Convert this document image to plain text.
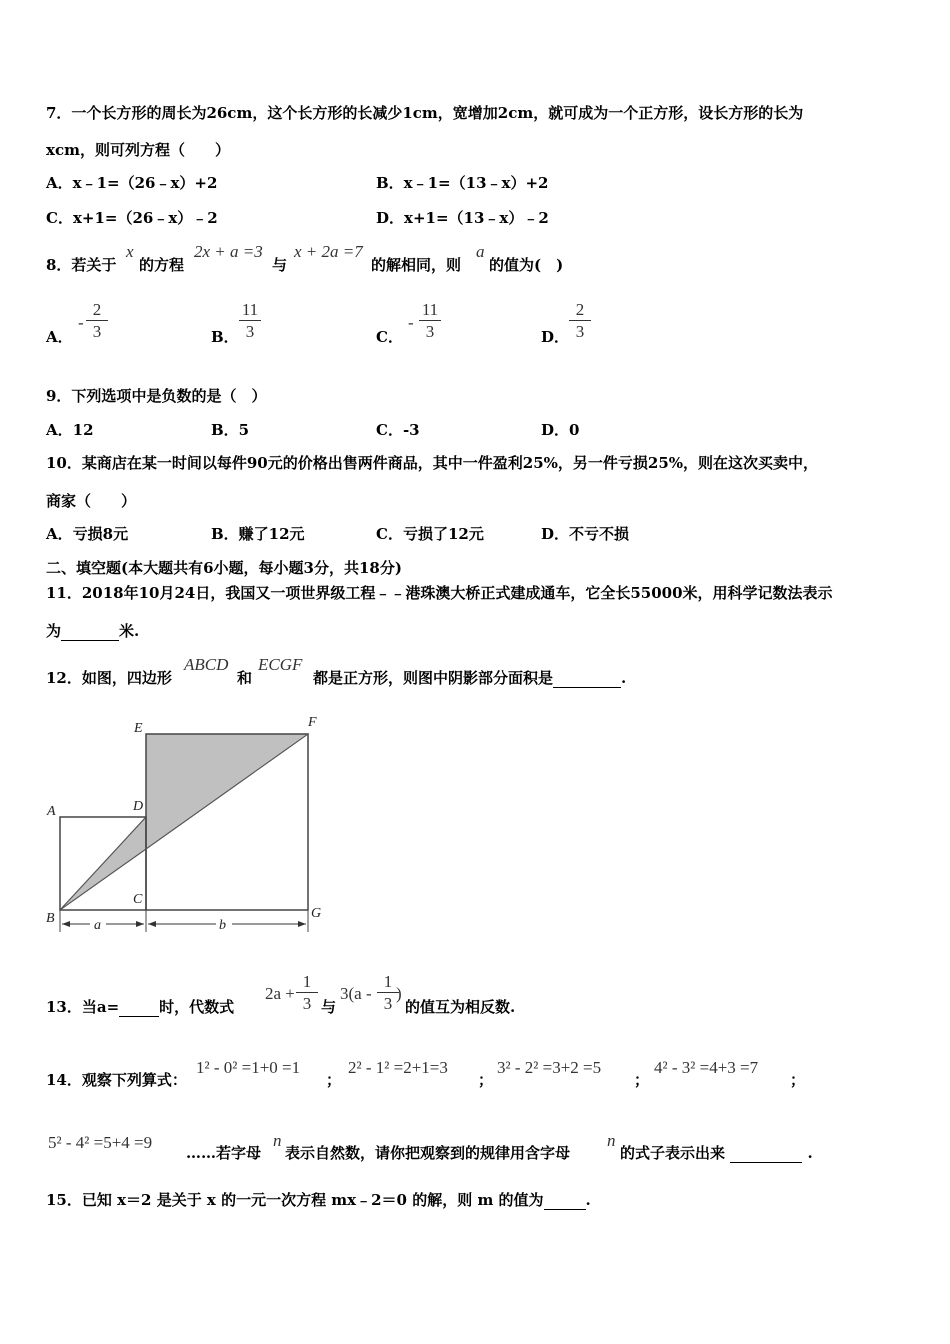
7．一个长方形的周长为26cm，这个长方形的长减少1cm，宽增加2cm，就可成为一个正方形，设长方形的长为
xcm，则可列方程（　　）
A．x﹣1=（26﹣x）+2	B．x﹣1=（13﹣x）+2
C．x+1=（26﹣x）﹣2	D．x+1=（13﹣x）﹣2
8．若关于
x
的方程
2x + a =3
与
x + 2a =7
的解相同，则
a
的值为(　)
A．
- $\frac{2}{3}$	B． $\frac{11}{3}$	C．
- $\frac{11}{3}$	D． $\frac{2}{3}$
9．下列选项中是负数的是（　）
A．12	B．5	C．-3	D．0
10．某商店在某一时间以每件90元的价格出售两件商品，其中一件盈利25%，另一件亏损25%，则在这次买卖中，
商家（　　）
A．亏损8元	B．赚了12元	C．亏损了12元	D．不亏不损
二、填空题(本大题共有6小题，每小题3分，共18分)
11．2018年10月24日，我国又一项世界级工程﹣﹣港珠澳大桥正式建成通车，它全长55000米，用科学记数法表示
为	米.
12．如图，四边形
ABCD
和
ECGF
都是正方形，则图中阴影部分面积是	.
E	F
A	D
C
B	G
a	b
13．当a=	时，代数式
$2a + \frac{1}{3}$ 与
$3(a - \frac{1}{3}$
)
的值互为相反数.
14．观察下列算式：
1² - 0² =1+0 =1
；
2² - 1² =2+1=3
；
3² - 2² =3+2 =5
；
4² - 3² =4+3 =7
；
5² - 4² =5+4 =9
……若字母
n
表示自然数，请你把观察到的规律用含字母
n
的式子表示出来	.
15．已知 x＝2 是关于 x 的一元一次方程 mx﹣2＝0 的解，则 m 的值为	.
